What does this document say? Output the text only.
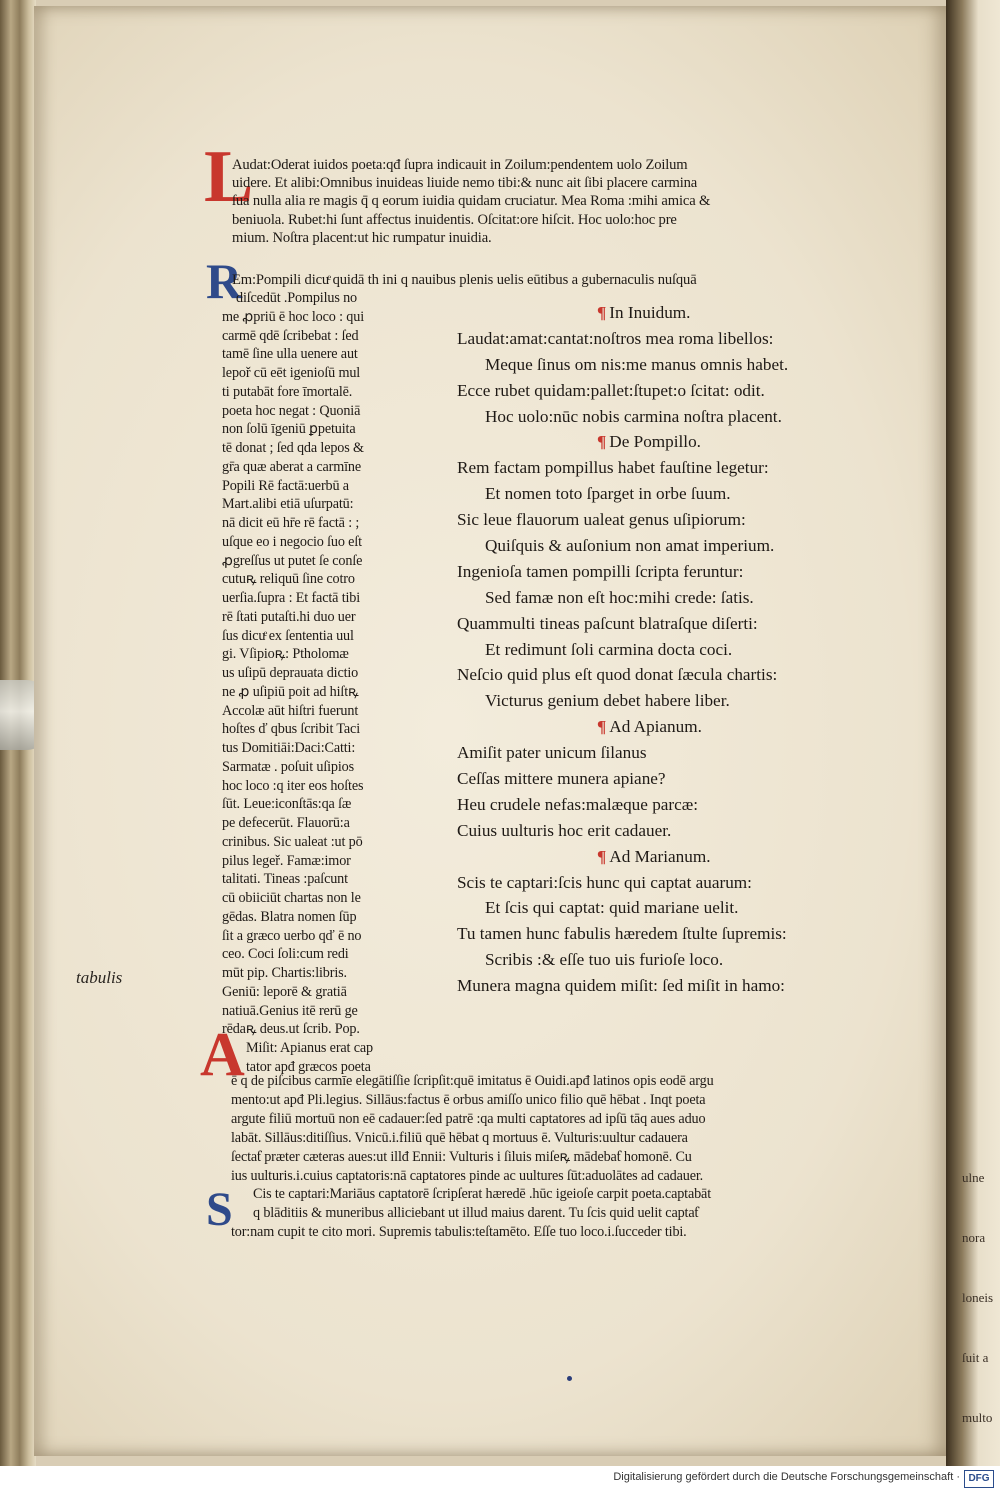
L
Audat:Oderat iuidos poeta:qđ ſupra indicauit in Zoilum:pendentem uolo Zoilum
uidere. Et alibi:Omnibus inuideas liuide nemo tibi:& nunc ait ſibi placere carmina
ſua nulla alia re magis q̄ q eorum iuidia quidam cruciatur. Mea Roma :mihi amica &
beniuola. Rubet:hi ſunt affectus inuidentis. Oſcitat:ore hiſcit. Hoc uolo:hoc pre
mium. Noſtra placent:ut hic rumpatur inuidia.
R
Em:Pompili dicuͤ quidā th ini q nauibus plenis uelis eūtibus a gubernaculis nuſquā
diſcedūt .Pompilus no
me ꝓpriū ē hoc loco : qui
carmē qdē ſcribebat : ſed
tamē ſine ulla uenere aut
lepoř cū eēt igenioſū mul
ti putabāt fore īmortalē.
poeta hoc negat : Quoniā
non ſolū īgeniū ꝑpetuita
tē donat ; ſed qda lepos &
gr̄a quæ aberat a carmīne
Popili Rē factā:uerbū a
Mart.alibi etiā uſurpatū:
nā dicit eū hr̄e rē factā : ;
uſque eo i negocio ſuo eſt
ꝓgreſſus ut putet ſe conſe
cutuꝶ reliquū ſine cotro
uerſia.ſupra : Et factā tibi
rē ſtati putaſti.hi duo uer
ſus dicuͤ ex ſententia uul
gi. Vſipioꝶ: Ptholomæ
us uſipū deprauata dictio
ne ꝓ uſipiū poit ad hiſtꝶ
Accolæ aūt hiſtri fuerunt
hoſtes ď qbus ſcribit Taci
tus Domitiāi:Daci:Catti:
Sarmatæ . poſuit uſipios
hoc loco :q iter eos hoſtes
ſūt. Leue:iconſtās:qa ſæ
pe defecerūt. Flauorū:a
crinibus. Sic ualeat :ut pō
pilus legeř. Famæ:imor
talitati. Tineas :paſcunt
cū obiiciūt chartas non le
gēdas. Blatra nomen ſūp
ſit a græco uerbo qď ē no
ceo. Coci ſoli:cum redi
mūt pip. Chartis:libris.
Geniū: leporē & gratiā
natiuā.Genius itē rerū ge
rēdaꝶ deus.ut ſcrib. Pop.
Miſit: Apianus erat cap
tator apđ græcos poeta
A
¶ In Inuidum.
Laudat:amat:cantat:noſtros mea roma libellos:
Meque ſinus om nis:me manus omnis habet.
Ecce rubet quidam:pallet:ſtupet:o ſcitat: odit.
Hoc uolo:nūc nobis carmina noſtra placent.
¶ De Pompillo.
Rem factam pompillus habet fauſtine legetur:
Et nomen toto ſparget in orbe ſuum.
Sic leue flauorum ualeat genus uſipiorum:
Quiſquis & auſonium non amat imperium.
Ingenioſa tamen pompilli ſcripta feruntur:
Sed famæ non eſt hoc:mihi crede: ſatis.
Quammulti tineas paſcunt blatraſque diſerti:
Et redimunt ſoli carmina docta coci.
Neſcio quid plus eſt quod donat ſæcula chartis:
Victurus genium debet habere liber.
¶ Ad Apianum.
Amiſit pater unicum ſilanus
Ceſſas mittere munera apiane?
Heu crudele nefas:malæque parcæ:
Cuius uulturis hoc erit cadauer.
¶ Ad Marianum.
Scis te captari:ſcis hunc qui captat auarum:
Et ſcis qui captat: quid mariane uelit.
Tu tamen hunc fabulis hæredem ſtulte ſupremis:
Scribis :& eſſe tuo uis furioſe loco.
Munera magna quidem miſit: ſed miſit in hamo:
tabulis
ē q de piſcibus carmīe elegātiſſie ſcripſit:quē imitatus ē Ouidi.apđ latinos opis eodē argu
mento:ut apđ Pli.legius. Sillāus:factus ē orbus amiſſo unico filio quē hēbat . Inqt poeta
argute filiū mortuū non eē cadauer:ſed patrē :qa multi captatores ad ipſū tāq aues aduo
labāt. Sillāus:ditiſſius. Vnicū.i.filiū quē hēbat q mortuus ē. Vulturis:uultur cadauera
ſectaƭ præter cæteras aues:ut illđ Ennii: Vulturis i ſiluis miſeꝶ mādebaƭ homonē. Cu
ius uulturis.i.cuius captatoris:nā captatores pinde ac uultures ſūt:aduolātes ad cadauer.
Cis te captari:Mariāus captatorē ſcripſerat hæredē .hūc igeioſe carpit poeta.captabāt
q blāditiis & muneribus alliciebant ut illud maius darent. Tu ſcis quid uelit captaƭ
tor:nam cupit te cito mori. Supremis tabulis:teſtamēto. Eſſe tuo loco.i.ſucceder tibi.
S

ulne

nora

loneis

ſuit a

multo

Digitalisierung gefördert durch die Deutsche Forschungsgemeinschaft · DFG
